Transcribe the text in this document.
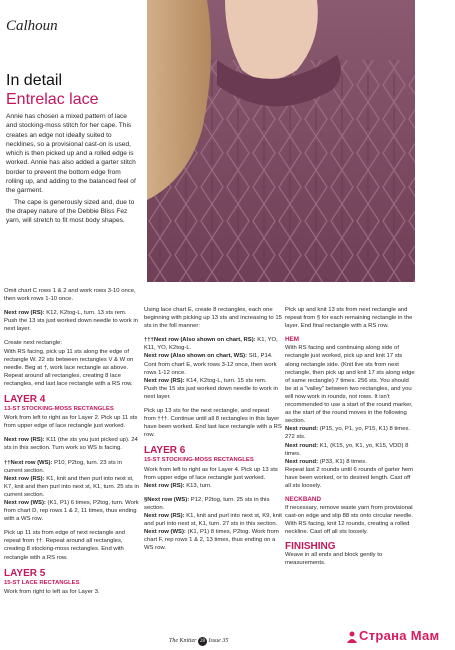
Calhoun
In detail
Entrelac lace

Annie has chosen a mixed pattern of lace and stocking-moss stitch for her cape. This creates an edge not ideally suited to necklines, so a provisional cast-on is used, which is then picked up and a rolled edge is worked. Annie has also added a garter stitch border to prevent the bottom edge from rolling up, and adding to the balanced feel of the garment.

The cape is generously sized and, due to the drapey nature of the Debbie Bliss Fez yarn, will stretch to fit most body shapes.

Omit chart C rows 1 & 2 and work rows 3-10 once, then work rows 1-10 once.

Next row (RS): K12, K2tog-L, turn. 13 sts rem. Push the 13 sts just worked down needle to work in next layer.

Create next rectangle:

With RS facing, pick up 11 sts along the edge of rectangle W. 22 sts between rectangles V & W on needle. Beg at †, work lace rectangle as above. Repeat around all rectangles, creating 8 lace rectangles, end last lace rectangle with a RS row.

LAYER 4
13-ST STOCKING-MOSS RECTANGLES

Work from left to right as for Layer 2. Pick up 11 sts from upper edge of lace rectangle just worked.

Next row (RS): K11 (the sts you just picked up). 24 sts in this section. Turn work so WS is facing.

††Next row (WS): P10, P2tog, turn. 23 sts in current section.

Next row (RS): K1, knit and then purl into next st, K7, knit and then purl into next st, K1, turn. 25 sts in current section.

Next row (WS): (K1, P1) 6 times, P2tog, turn. Work from chart D, rep rows 1 & 2, 11 times, thus ending with a WS row.

Pick up 11 sts from edge of next rectangle and repeat from ††. Repeat around all rectangles, creating 8 stocking-moss rectangles. End with rectangle with a RS row.

LAYER 5
15-ST LACE RECTANGLES

Work from right to left as for Layer 3.

Using lace chart E, create 8 rectangles, each one beginning with picking up 13 sts and increasing to 15 sts in the foll manner:

†††Next row (Also shown on chart, RS): K1, YO, K11, YO, K2tog-L.

Next row (Also shown on chart, WS): Sl1, P14.

Cont from chart E, work rows 3-12 once, then work rows 1-12 once.

Next row (RS): K14, K2tog-L, turn. 15 sts rem.

Push the 15 sts just worked down needle to work in next layer.

Pick up 13 sts for the next rectangle, and repeat from †††. Continue until all 8 rectangles in this layer have been worked. End last lace rectangle with a RS row.

LAYER 6
15-ST STOCKING-MOSS RECTANGLES

Work from left to right as for Layer 4. Pick up 13 sts from upper edge of lace rectangle just worked.

Next row (RS): K13, turn.

§Next row (WS): P12, P2tog, turn. 25 sts in this section.

Next row (RS): K1, knit and purl into next st, K9, knit and purl into next st, K1, turn. 27 sts in this section.

Next row (WS): (K1, P1) 8 times, P2tog. Work from chart F, rep rows 1 & 2, 13 times, thus ending on a WS row.

Pick up and knit 13 sts from next rectangle and repeat from § for each remaining rectangle in the layer. End final rectangle with a RS row.

HEM

With RS facing and continuing along side of rectangle just worked, pick up and knit 17 sts along rectangle side. (Knit live sts from next rectangle, then pick up and knit 17 sts along edge of same rectangle) 7 times. 256 sts. You should be at a "valley" between two rectangles, and you will now work in rounds, not rows. It isn't recommended to use a start of the round marker, as the start of the round moves in the following section.

Next round: (P15, yo, P1, yo, P15, K1) 8 times. 272 sts.

Next round: K1, (K15, yo, K1, yo, K15, VDD) 8 times.

Next round: (P33, K1) 8 times.

Repeat last 2 rounds until 6 rounds of garter hem have been worked, or to desired length. Cast off all sts loosely.

NECKBAND

If necessary, remove waste yarn from provisional cast-on edge and slip 88 sts onto circular needle. With RS facing, knit 12 rounds, creating a rolled neckline. Cast off all sts loosely.

FINISHING

Weave in all ends and block gently to measurements.

The Knitter 28 Issue 35	Страна Мам
